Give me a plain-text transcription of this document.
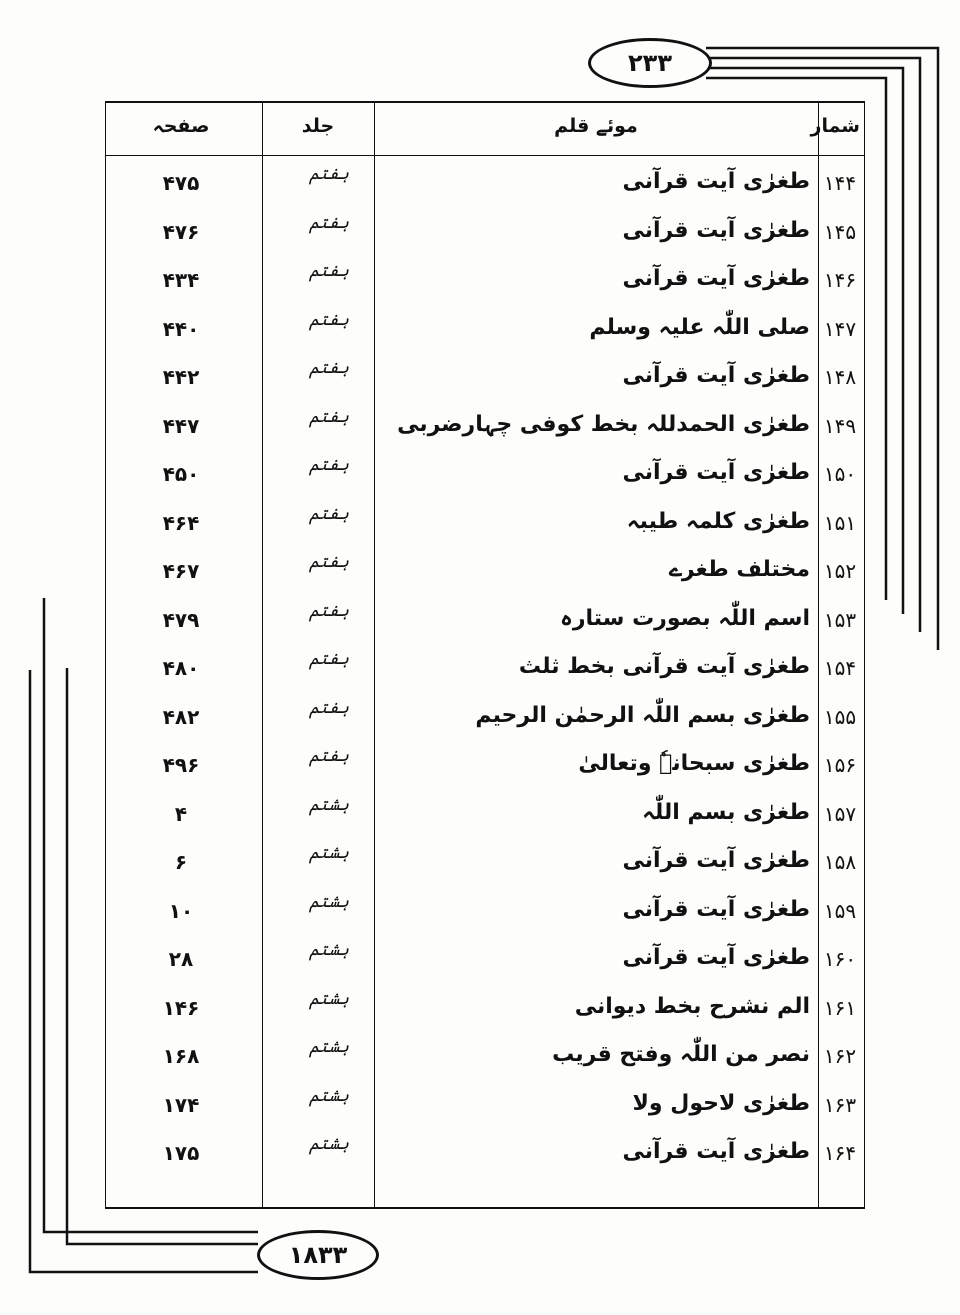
۲۳۳
۱۸۳۳
شمار
موئے قلم
جلد
صفحہ
۱۴۴
طغرٰی آیت قرآنی
ہفتم
۴۷۵
۱۴۵
طغرٰی آیت قرآنی
ہفتم
۴۷۶
۱۴۶
طغرٰی آیت قرآنی
ہفتم
۴۳۴
۱۴۷
صلی اللّٰہ علیہ وسلم
ہفتم
۴۴۰
۱۴۸
طغرٰی آیت قرآنی
ہفتم
۴۴۲
۱۴۹
طغرٰی الحمدللہ بخط کوفی چہارضربی
ہفتم
۴۴۷
۱۵۰
طغرٰی آیت قرآنی
ہفتم
۴۵۰
۱۵۱
طغرٰی کلمہ طیبہ
ہفتم
۴۶۴
۱۵۲
مختلف طغرے
ہفتم
۴۶۷
۱۵۳
اسم اللّٰہ بصورت ستارہ
ہفتم
۴۷۹
۱۵۴
طغرٰی آیت قرآنی بخط ثلث
ہفتم
۴۸۰
۱۵۵
طغرٰی بسم اللّٰہ الرحمٰن الرحیم
ہفتم
۴۸۲
۱۵۶
طغرٰی سبحانہٗ وتعالیٰ
ہفتم
۴۹۶
۱۵۷
طغرٰی بسم اللّٰہ
ہشتم
۴
۱۵۸
طغرٰی آیت قرآنی
ہشتم
۶
۱۵۹
طغرٰی آیت قرآنی
ہشتم
۱۰
۱۶۰
طغرٰی آیت قرآنی
ہشتم
۲۸
۱۶۱
الم نشرح بخط دیوانی
ہشتم
۱۴۶
۱۶۲
نصر من اللّٰہ وفتح قریب
ہشتم
۱۶۸
۱۶۳
طغرٰی لاحول ولا
ہشتم
۱۷۴
۱۶۴
طغرٰی آیت قرآنی
ہشتم
۱۷۵
